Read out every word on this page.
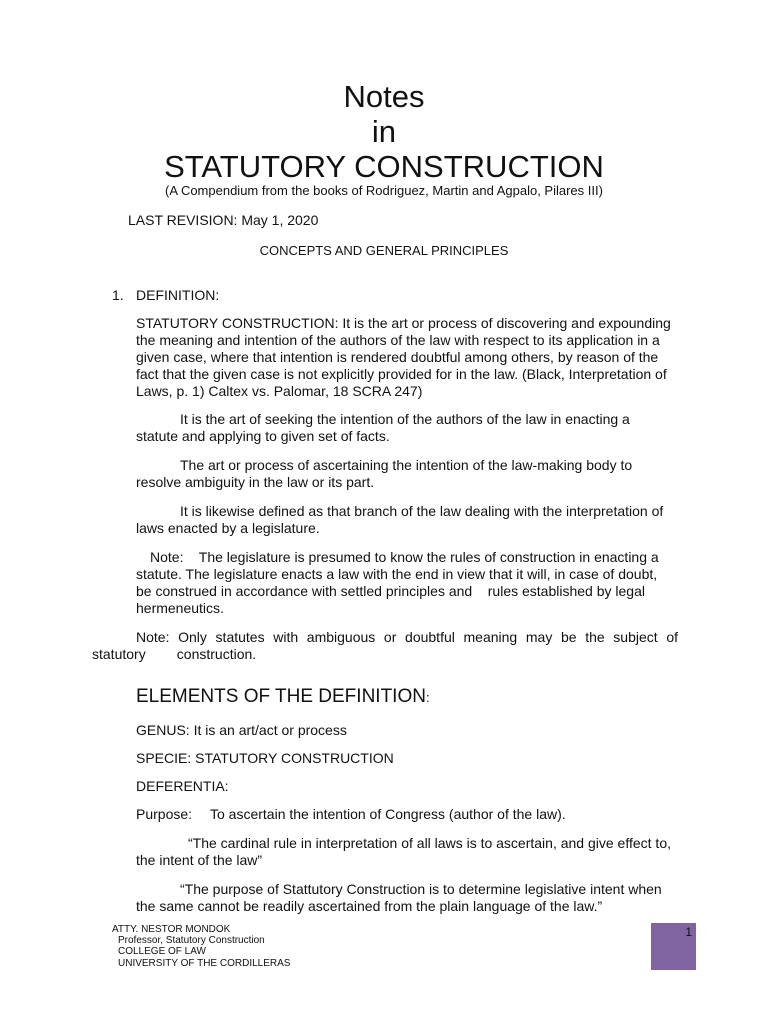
Notes
in
STATUTORY CONSTRUCTION
(A Compendium from the books of Rodriguez, Martin and Agpalo, Pilares III)
LAST REVISION: May 1, 2020
CONCEPTS AND GENERAL PRINCIPLES
1. DEFINITION:
STATUTORY CONSTRUCTION: It is the art or process of discovering and expounding the meaning and intention of the authors of the law with respect to its application in a given case, where that intention is rendered doubtful among others, by reason of the fact that the given case is not explicitly provided for in the law. (Black, Interpretation of Laws, p. 1) Caltex vs. Palomar, 18 SCRA 247)
It is the art of seeking the intention of the authors of the law in enacting a statute and applying to given set of facts.
The art or process of ascertaining the intention of the law-making body to resolve ambiguity in the law or its part.
It is likewise defined as that branch of the law dealing with the interpretation of laws enacted by a legislature.
Note:    The legislature is presumed to know the rules of construction in enacting a statute. The legislature enacts a law with the end in view that it will, in case of doubt, be construed in accordance with settled principles and    rules established by legal hermeneutics.
Note: Only statutes with ambiguous or doubtful meaning may be the subject of statutory        construction.
ELEMENTS OF THE DEFINITION:
GENUS: It is an art/act or process
SPECIE: STATUTORY CONSTRUCTION
DEFERENTIA:
Purpose: To ascertain the intention of Congress (author of the law).
“The cardinal rule in interpretation of all laws is to ascertain, and give effect to, the intent of the law”
“The purpose of Stattutory Construction is to determine legislative intent when the same cannot be readily ascertained from the plain language of the law.”
ATTY. NESTOR MONDOK
Professor, Statutory Construction
COLLEGE OF LAW
UNIVERSITY OF THE CORDILLERAS
1
